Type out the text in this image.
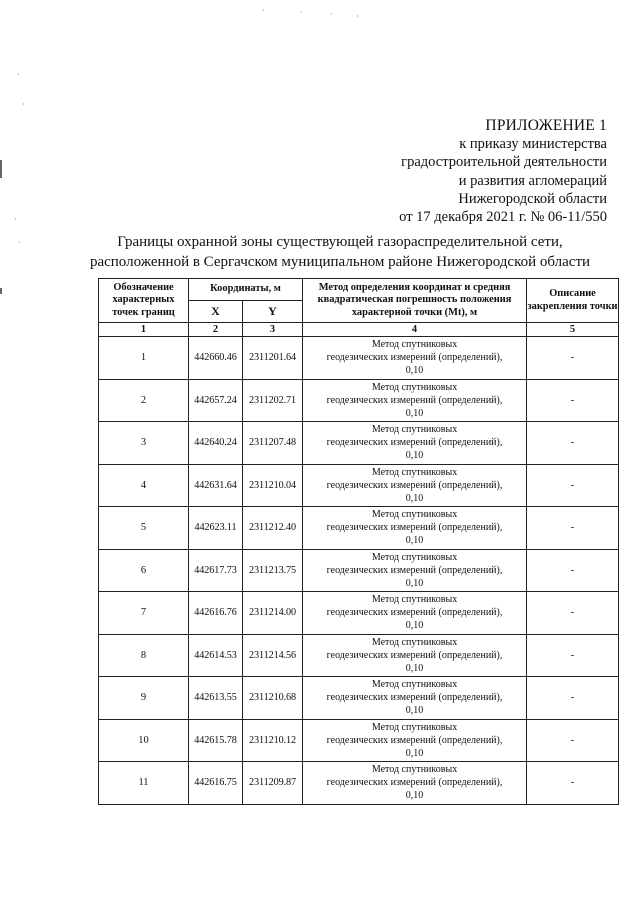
·	·	·	·
·
·
·
·
ПРИЛОЖЕНИЕ 1
к приказу министерства
градостроительной деятельности
и развития агломераций
Нижегородской области
от 17 декабря 2021 г. № 06-11/550
Границы охранной зоны существующей газораспределительной сети,
расположенной в Сергачском муниципальном районе Нижегородской области
Обозначение характерных точек границ	Координаты, м		Метод определения координат и средняя квадратическая погрешность положения характерной точки (Mt), м	Описание закрепления точки
	X	Y		
1	2	3	4	5
1	442660.46	2311201.64	Метод спутниковых
геодезических измерений (определений),
0,10	-
2	442657.24	2311202.71	Метод спутниковых
геодезических измерений (определений),
0,10	-
3	442640.24	2311207.48	Метод спутниковых
геодезических измерений (определений),
0,10	-
4	442631.64	2311210.04	Метод спутниковых
геодезических измерений (определений),
0,10	-
5	442623.11	2311212.40	Метод спутниковых
геодезических измерений (определений),
0,10	-
6	442617.73	2311213.75	Метод спутниковых
геодезических измерений (определений),
0,10	-
7	442616.76	2311214.00	Метод спутниковых
геодезических измерений (определений),
0,10	-
8	442614.53	2311214.56	Метод спутниковых
геодезических измерений (определений),
0,10	-
9	442613.55	2311210.68	Метод спутниковых
геодезических измерений (определений),
0,10	-
10	442615.78	2311210.12	Метод спутниковых
геодезических измерений (определений),
0,10	-
11	442616.75	2311209.87	Метод спутниковых
геодезических измерений (определений),
0,10	-
